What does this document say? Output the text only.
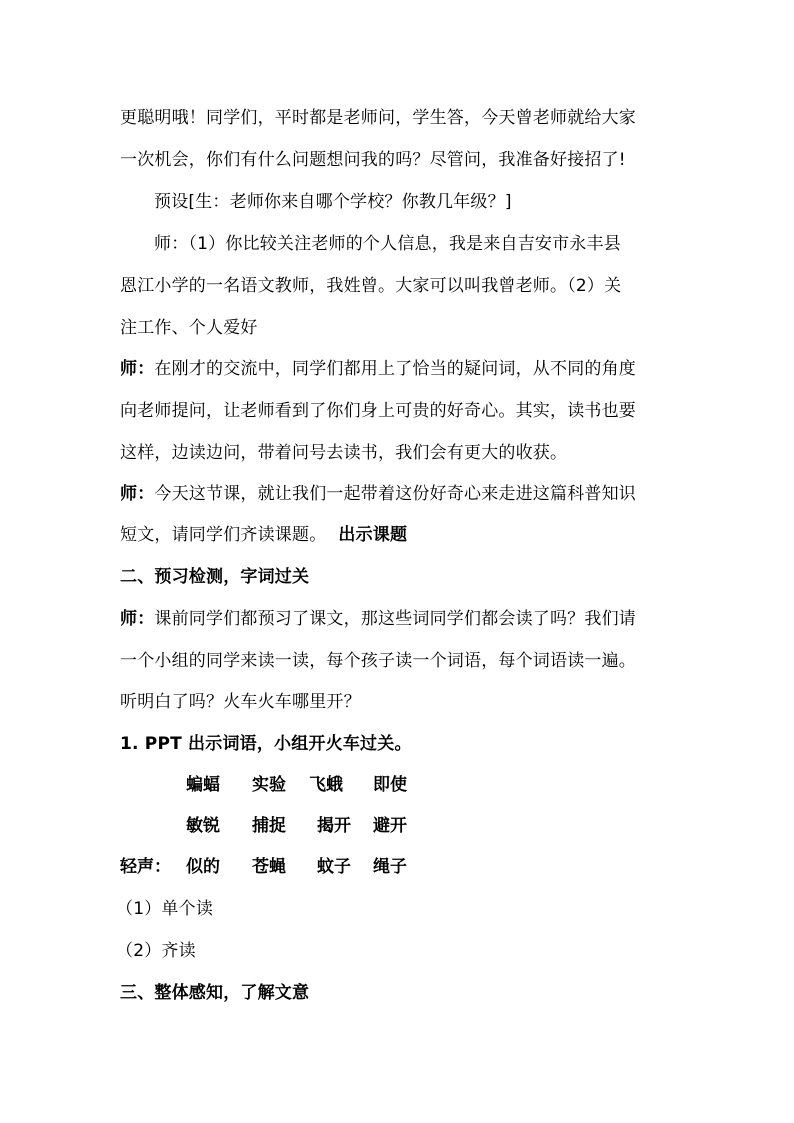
更聪明哦！同学们，平时都是老师问，学生答，今天曾老师就给大家
一次机会，你们有什么问题想问我的吗？尽管问，我准备好接招了!
预设[生：老师你来自哪个学校？你教几年级？]
师：（1）你比较关注老师的个人信息，我是来自吉安市永丰县
恩江小学的一名语文教师，我姓曾。大家可以叫我曾老师。（2）关
注工作、个人爱好
师：在刚才的交流中，同学们都用上了恰当的疑问词，从不同的角度
向老师提问，让老师看到了你们身上可贵的好奇心。其实，读书也要
这样，边读边问，带着问号去读书，我们会有更大的收获。
师：今天这节课，就让我们一起带着这份好奇心来走进这篇科普知识
短文，请同学们齐读课题。 出示课题
二、预习检测，字词过关
师：课前同学们都预习了课文，那这些词同学们都会读了吗？我们请
一个小组的同学来读一读，每个孩子读一个词语，每个词语读一遍。
听明白了吗？火车火车哪里开？
1. PPT 出示词语，小组开火车过关。
蝙蝠 实验 飞蛾 即使
敏锐 捕捉 揭开 避开
轻声： 似的 苍蝇 蚊子 绳子
（1）单个读
（2）齐读
三、整体感知，了解文意
